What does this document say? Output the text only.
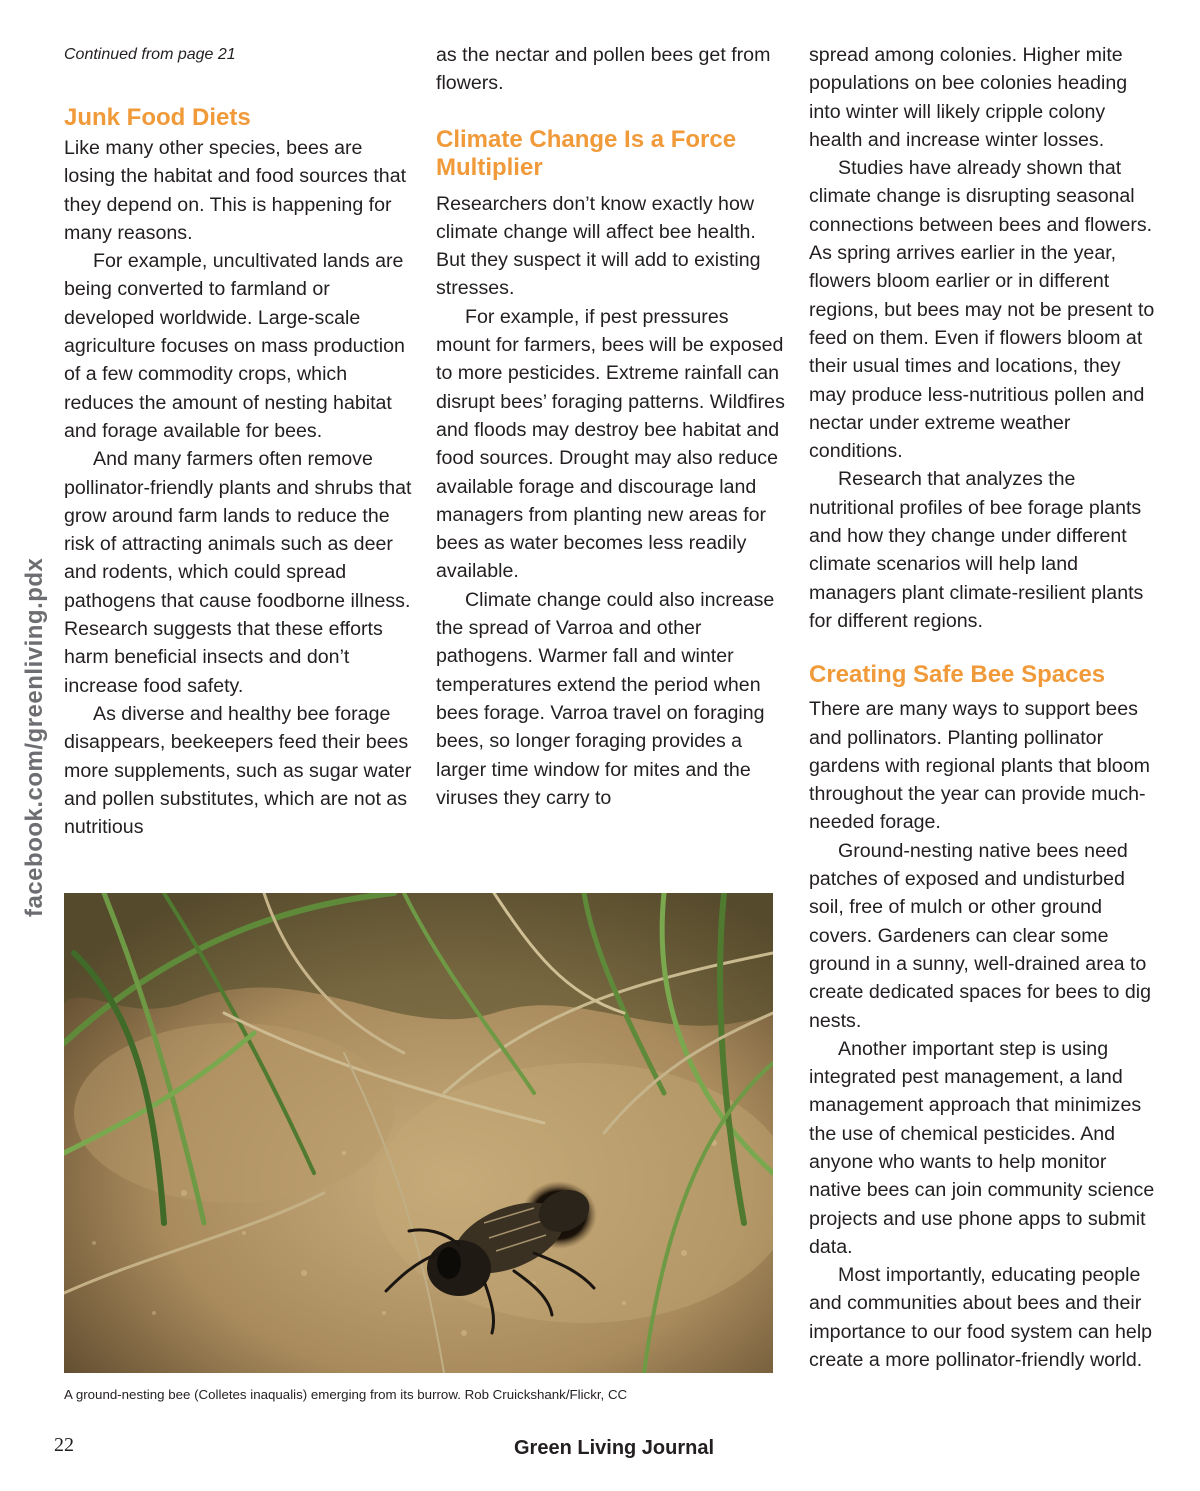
facebook.com/greenliving.pdx
Continued from page 21
Junk Food Diets

Like many other species, bees are losing the habitat and food sources that they depend on. This is happening for many reasons.

For example, uncultivated lands are being converted to farmland or developed worldwide. Large-scale agriculture focuses on mass production of a few commodity crops, which reduces the amount of nesting habitat and forage available for bees.

And many farmers often remove pollinator-friendly plants and shrubs that grow around farm lands to reduce the risk of attracting animals such as deer and rodents, which could spread pathogens that cause foodborne illness. Research suggests that these efforts harm beneficial insects and don’t increase food safety.

As diverse and healthy bee forage disappears, beekeepers feed their bees more supplements, such as sugar water and pollen substitutes, which are not as nutritious

as the nectar and pollen bees get from flowers.

Climate Change Is a Force Multiplier

Researchers don’t know exactly how climate change will affect bee health. But they suspect it will add to existing stresses.

For example, if pest pressures mount for farmers, bees will be exposed to more pesticides. Extreme rainfall can disrupt bees’ foraging patterns. Wildfires and floods may destroy bee habitat and food sources. Drought may also reduce available forage and discourage land managers from planting new areas for bees as water becomes less readily available.

Climate change could also increase the spread of Varroa and other pathogens. Warmer fall and winter temperatures extend the period when bees forage. Varroa travel on foraging bees, so longer foraging provides a larger time window for mites and the viruses they carry to

spread among colonies. Higher mite populations on bee colonies heading into winter will likely cripple colony health and increase winter losses.

Studies have already shown that climate change is disrupting seasonal connections between bees and flowers. As spring arrives earlier in the year, flowers bloom earlier or in different regions, but bees may not be present to feed on them. Even if flowers bloom at their usual times and locations, they may produce less-nutritious pollen and nectar under extreme weather conditions.

Research that analyzes the nutritional profiles of bee forage plants and how they change under different climate scenarios will help land managers plant climate-resilient plants for different regions.

Creating Safe Bee Spaces

There are many ways to support bees and pollinators. Planting pollinator gardens with regional plants that bloom throughout the year can provide much-needed forage.

Ground-nesting native bees need patches of exposed and undisturbed soil, free of mulch or other ground covers. Gardeners can clear some ground in a sunny, well-drained area to create dedicated spaces for bees to dig nests.

Another important step is using integrated pest management, a land management approach that minimizes the use of chemical pesticides. And anyone who wants to help monitor native bees can join community science projects and use phone apps to submit data.

Most importantly, educating people and communities about bees and their importance to our food system can help create a more pollinator-friendly world.

A ground-nesting bee (Colletes inaqualis) emerging from its burrow. Rob Cruickshank/Flickr, CC
22	Green Living Journal
